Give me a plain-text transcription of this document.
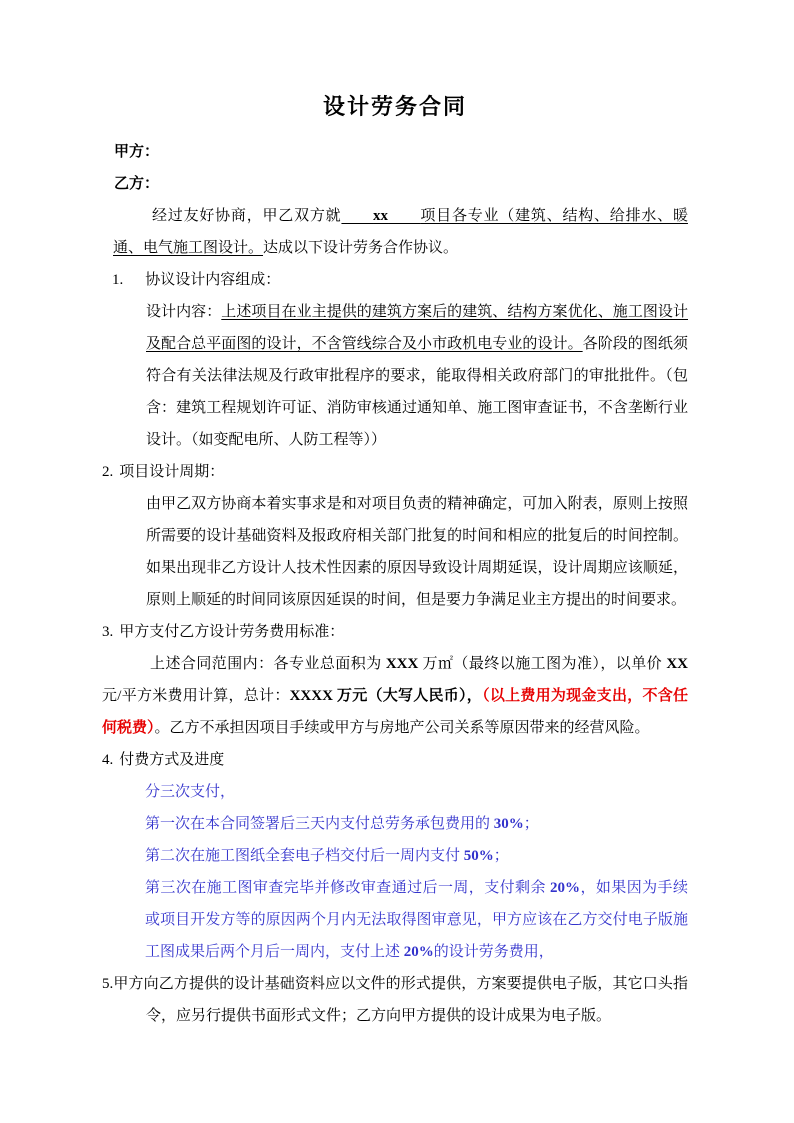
设计劳务合同

甲方：

乙方：

经过友好协商，甲乙双方就　　 xx　　 项目各专业（建筑、结构、给排水、暖通、电气施工图设计。达成以下设计劳务合作协议。

1. 协议设计内容组成：

设计内容：上述项目在业主提供的建筑方案后的建筑、结构方案优化、施工图设计及配合总平面图的设计，不含管线综合及小市政机电专业的设计。各阶段的图纸须符合有关法律法规及行政审批程序的要求，能取得相关政府部门的审批批件。（包含：建筑工程规划许可证、消防审核通过通知单、施工图审查证书，不含垄断行业设计。（如变配电所、人防工程等））

2. 项目设计周期：

由甲乙双方协商本着实事求是和对项目负责的精神确定，可加入附表，原则上按照所需要的设计基础资料及报政府相关部门批复的时间和相应的批复后的时间控制。如果出现非乙方设计人技术性因素的原因导致设计周期延误，设计周期应该顺延，原则上顺延的时间同该原因延误的时间，但是要力争满足业主方提出的时间要求。

3. 甲方支付乙方设计劳务费用标准：

上述合同范围内：各专业总面积为 XXX 万㎡（最终以施工图为准），以单价 XX 元/平方米费用计算，总计：XXXX 万元（大写人民币），（以上费用为现金支出，不含任何税费）。乙方不承担因项目手续或甲方与房地产公司关系等原因带来的经营风险。

4. 付费方式及进度

分三次支付，

第一次在本合同签署后三天内支付总劳务承包费用的 30%；

第二次在施工图纸全套电子档交付后一周内支付 50%；

第三次在施工图审查完毕并修改审查通过后一周，支付剩余 20%，如果因为手续或项目开发方等的原因两个月内无法取得图审意见，甲方应该在乙方交付电子版施工图成果后两个月后一周内，支付上述 20%的设计劳务费用，

5.甲方向乙方提供的设计基础资料应以文件的形式提供，方案要提供电子版，其它口头指令，应另行提供书面形式文件；乙方向甲方提供的设计成果为电子版。
